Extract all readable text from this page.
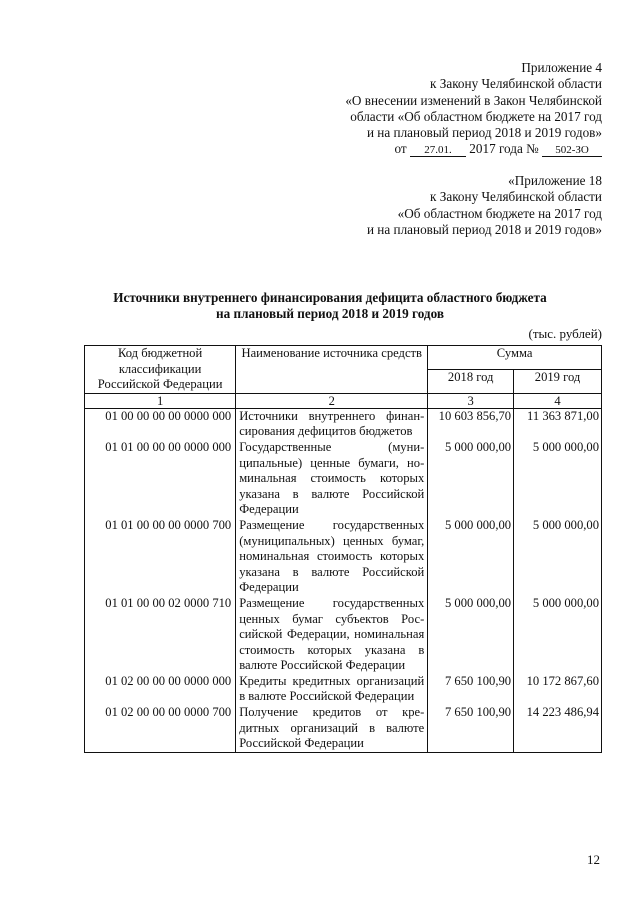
Приложение 4
к Закону Челябинской области
«О внесении изменений в Закон Челябинской
области «Об областном бюджете на 2017 год
и на плановый период 2018 и 2019 годов»
от 27.01. 2017 года № 502-ЗО
«Приложение 18
к Закону Челябинской области
«Об областном бюджете на 2017 год
и на плановый период 2018 и 2019 годов»
Источники внутреннего финансирования дефицита областного бюджета
на плановый период 2018 и 2019 годов
(тыс. рублей)
Код бюджетной классификации Российской Федерации	Наименование источника средств	Сумма	
		2018 год	2019 год
1	2	3	4
01 00 00 00 00 0000 000	Источники внутреннего финансирования дефицитов бюджетов	10 603 856,70	11 363 871,00
01 01 00 00 00 0000 000	Государственные (муниципальные) ценные бумаги, номинальная стоимость которых указана в валюте Российской Федерации	5 000 000,00	5 000 000,00
01 01 00 00 00 0000 700	Размещение государственных (муниципальных) ценных бумаг, номинальная стоимость которых указана в валюте Российской Федерации	5 000 000,00	5 000 000,00
01 01 00 00 02 0000 710	Размещение государственных ценных бумаг субъектов Российской Федерации, номинальная стоимость которых указана в валюте Российской Федерации	5 000 000,00	5 000 000,00
01 02 00 00 00 0000 000	Кредиты кредитных организаций в валюте Российской Федерации	7 650 100,90	10 172 867,60
01 02 00 00 00 0000 700	Получение кредитов от кредитных организаций в валюте Российской Федерации	7 650 100,90	14 223 486,94
12
